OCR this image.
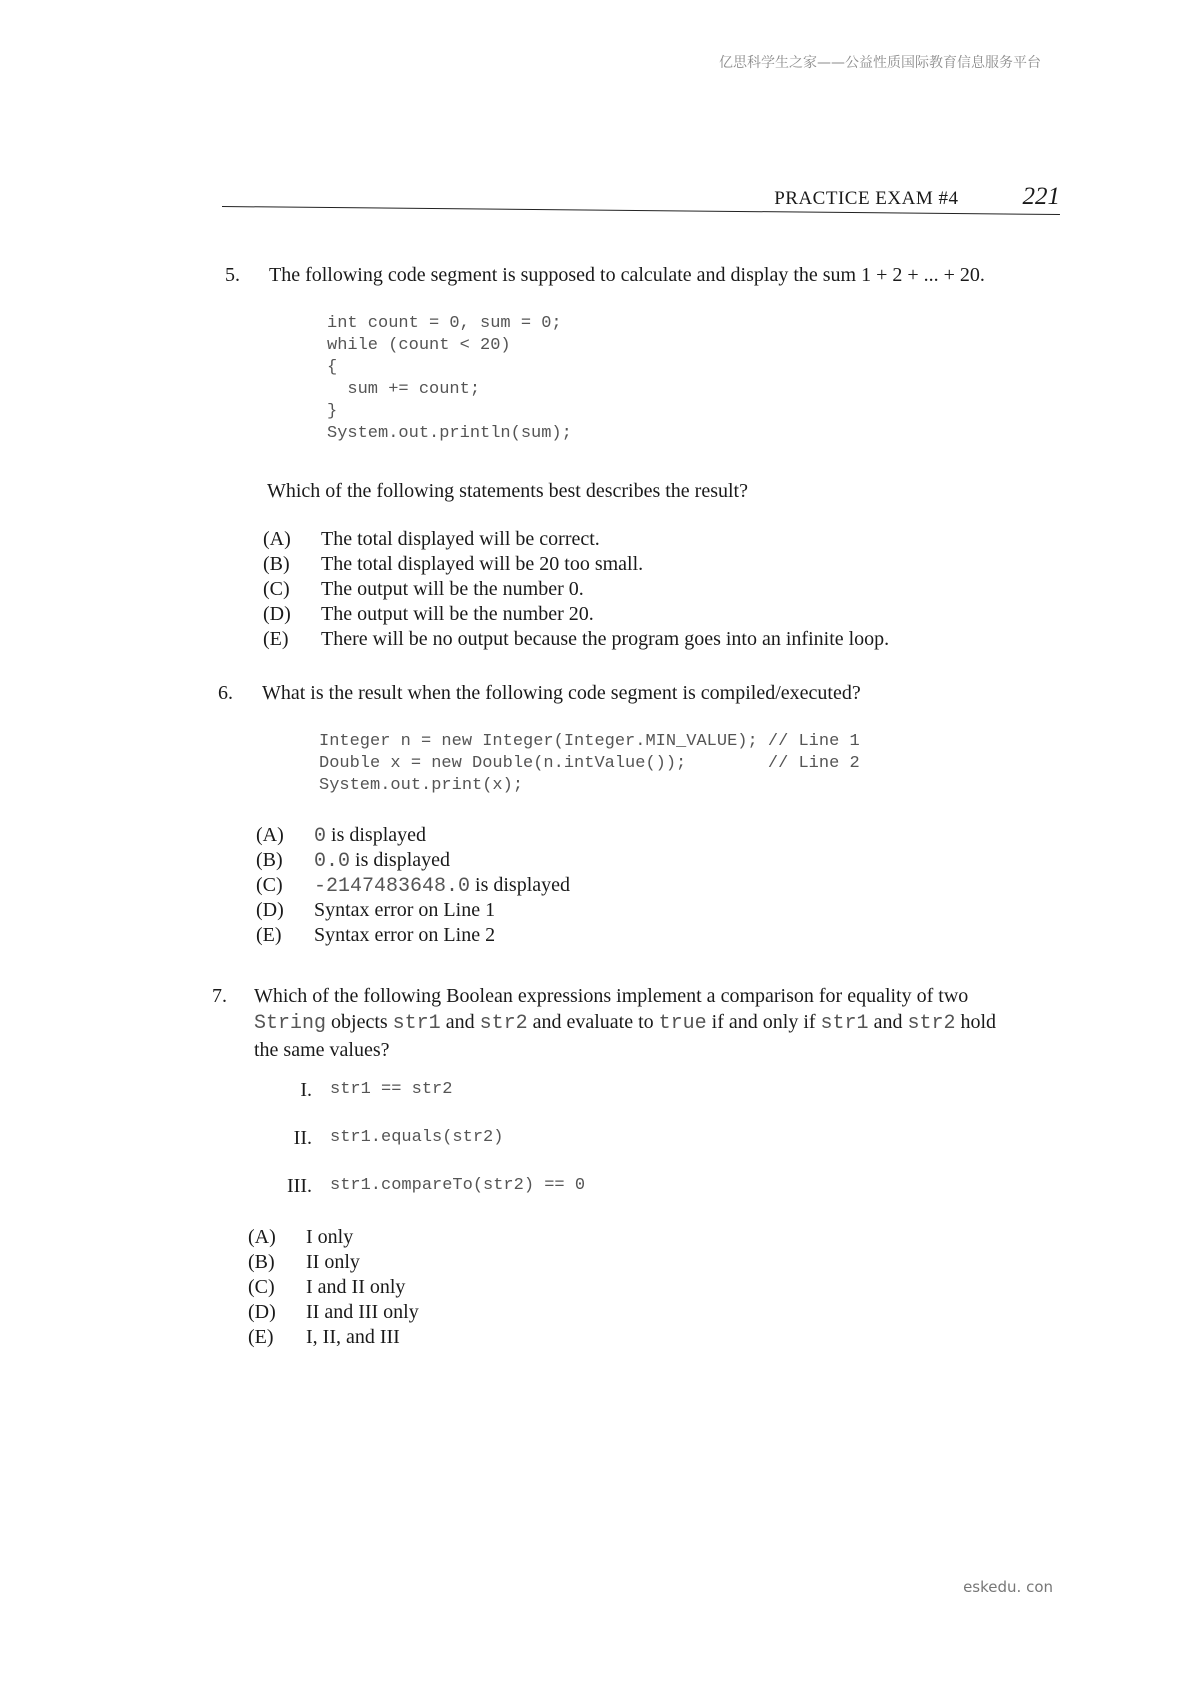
亿思科学生之家——公益性质国际教育信息服务平台
PRACTICE EXAM #4	221
5. The following code segment is supposed to calculate and display the sum 1 + 2 + ... + 20.
int count = 0, sum = 0;
while (count < 20)
{
sum += count;
}
System.out.println(sum);
Which of the following statements best describes the result?
(A)	The total displayed will be correct.
(B)	The total displayed will be 20 too small.
(C)	The output will be the number 0.
(D)	The output will be the number 20.
(E)	There will be no output because the program goes into an infinite loop.
6. What is the result when the following code segment is compiled/executed?
Integer n = new Integer(Integer.MIN_VALUE); // Line 1
Double x = new Double(n.intValue());        // Line 2
System.out.print(x);
(A)	0 is displayed
(B)	0.0 is displayed
(C)	-2147483648.0 is displayed
(D)	Syntax error on Line 1
(E)	Syntax error on Line 2
7. Which of the following Boolean expressions implement a comparison for equality of two
String objects str1 and str2 and evaluate to true if and only if str1 and str2 hold
the same values?
I.	str1 == str2
II.	str1.equals(str2)
III.	str1.compareTo(str2) == 0
(A)	I only
(B)	II only
(C)	I and II only
(D)	II and III only
(E)	I, II, and III
eskedu. con
